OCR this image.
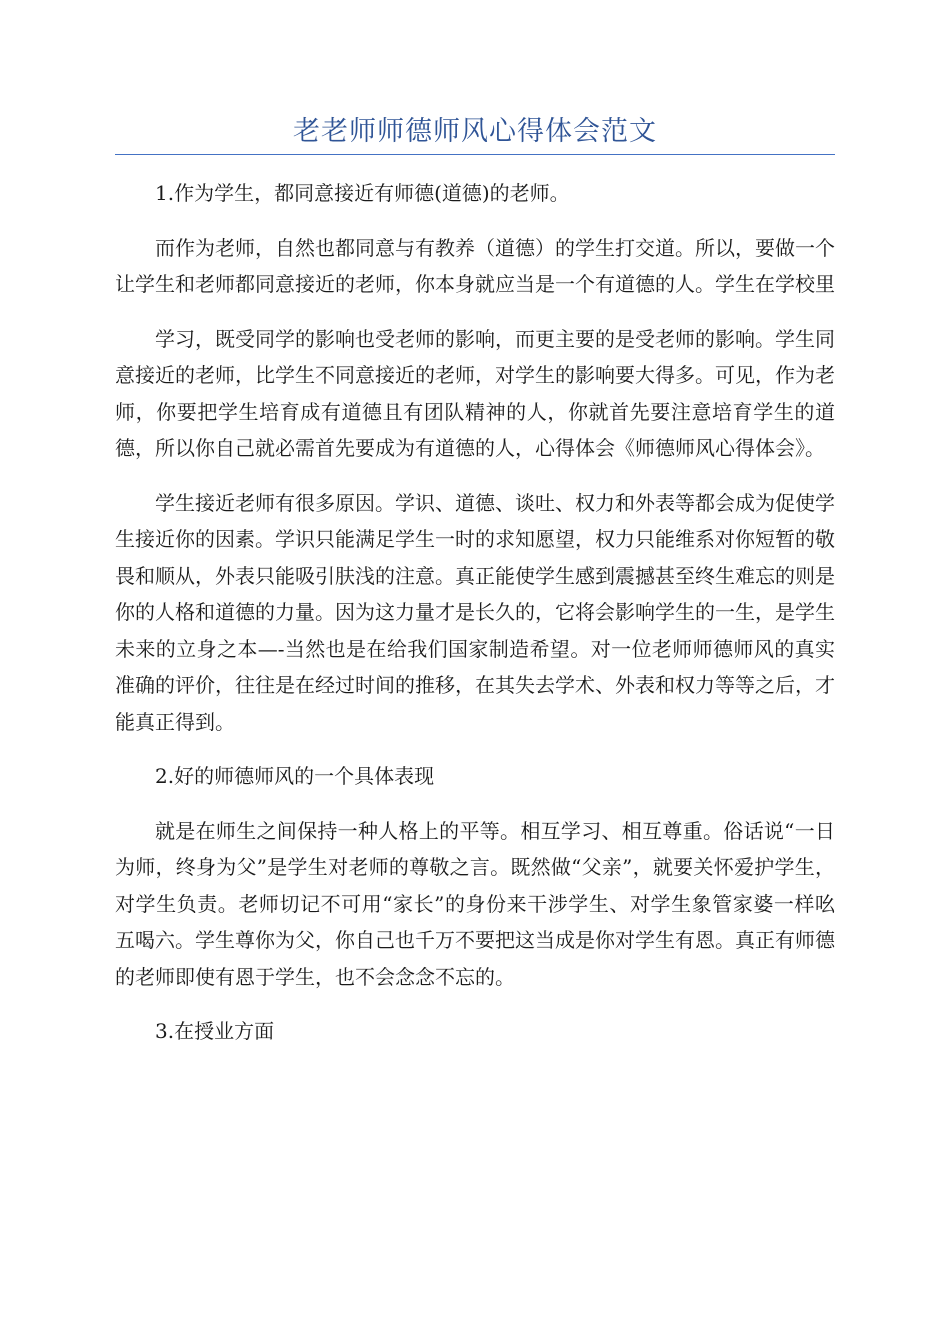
老老师师德师风心得体会范文

1.作为学生，都同意接近有师德(道德)的老师。

而作为老师，自然也都同意与有教养（道德）的学生打交道。所以，要做一个让学生和老师都同意接近的老师，你本身就应当是一个有道德的人。学生在学校里

学习，既受同学的影响也受老师的影响，而更主要的是受老师的影响。学生同意接近的老师，比学生不同意接近的老师，对学生的影响要大得多。可见，作为老师，你要把学生培育成有道德且有团队精神的人，你就首先要注意培育学生的道德，所以你自己就必需首先要成为有道德的人，心得体会《师德师风心得体会》。

学生接近老师有很多原因。学识、道德、谈吐、权力和外表等都会成为促使学生接近你的因素。学识只能满足学生一时的求知愿望，权力只能维系对你短暂的敬畏和顺从，外表只能吸引肤浅的注意。真正能使学生感到震撼甚至终生难忘的则是你的人格和道德的力量。因为这力量才是长久的，它将会影响学生的一生，是学生未来的立身之本—-当然也是在给我们国家制造希望。对一位老师师德师风的真实准确的评价，往往是在经过时间的推移，在其失去学术、外表和权力等等之后，才能真正得到。

2.好的师德师风的一个具体表现

就是在师生之间保持一种人格上的平等。相互学习、相互尊重。俗话说“一日为师，终身为父”是学生对老师的尊敬之言。既然做“父亲”，就要关怀爱护学生，对学生负责。老师切记不可用“家长”的身份来干涉学生、对学生象管家婆一样吆五喝六。学生尊你为父，你自己也千万不要把这当成是你对学生有恩。真正有师德的老师即使有恩于学生，也不会念念不忘的。

3.在授业方面
